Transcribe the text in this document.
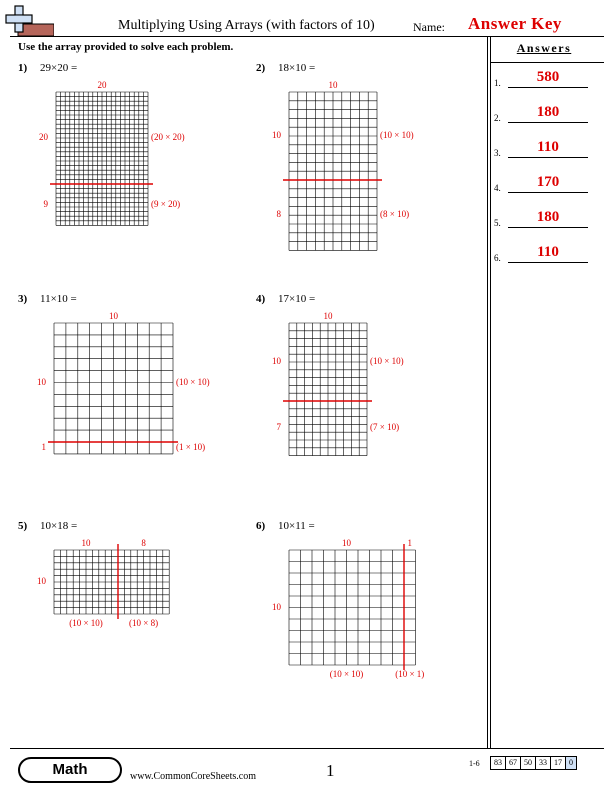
Multiplying Using Arrays (with factors of 10)	Name: Answer Key
Use the array provided to solve each problem.	Answers
1.	580
2.	180
3.	110
4.	170
5.	180
6.	110
1) 29×20 =
20
20
9
(20 × 20)
(9 × 20)
2) 18×10 =
10
10
8
(10 × 10)
(8 × 10)
3) 11×10 =
10
10
1
(10 × 10)
(1 × 10)
4) 17×10 =
10
10
7
(10 × 10)
(7 × 10)
5) 10×18 =
10	8
10
(10 × 10)	(10 × 8)
6) 10×11 =
10	1
10
(10 × 10)	(10 × 1)
Math	www.CommonCoreSheets.com	1	1-6	83 67 50 33 17 0
